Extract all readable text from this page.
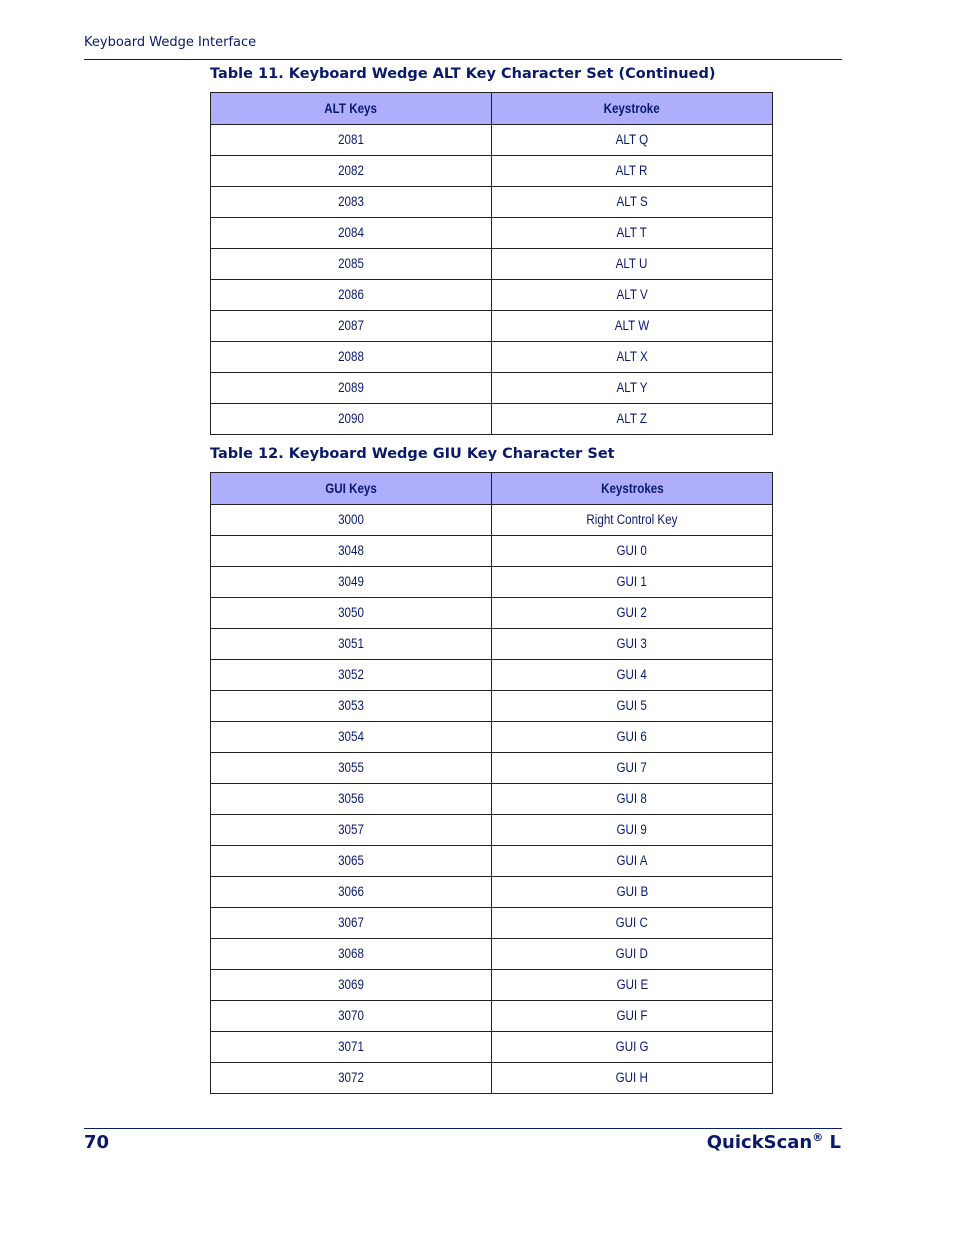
Keyboard Wedge Interface
Table 11. Keyboard Wedge ALT Key Character Set (Continued)
ALT Keys	Keystroke
2081	ALT Q
2082	ALT R
2083	ALT S
2084	ALT T
2085	ALT U
2086	ALT V
2087	ALT W
2088	ALT X
2089	ALT Y
2090	ALT Z
Table 12. Keyboard Wedge GIU Key Character Set
GUI Keys	Keystrokes
3000	Right Control Key
3048	GUI 0
3049	GUI 1
3050	GUI 2
3051	GUI 3
3052	GUI 4
3053	GUI 5
3054	GUI 6
3055	GUI 7
3056	GUI 8
3057	GUI 9
3065	GUI A
3066	GUI B
3067	GUI C
3068	GUI D
3069	GUI E
3070	GUI F
3071	GUI G
3072	GUI H
70	QuickScan® L
